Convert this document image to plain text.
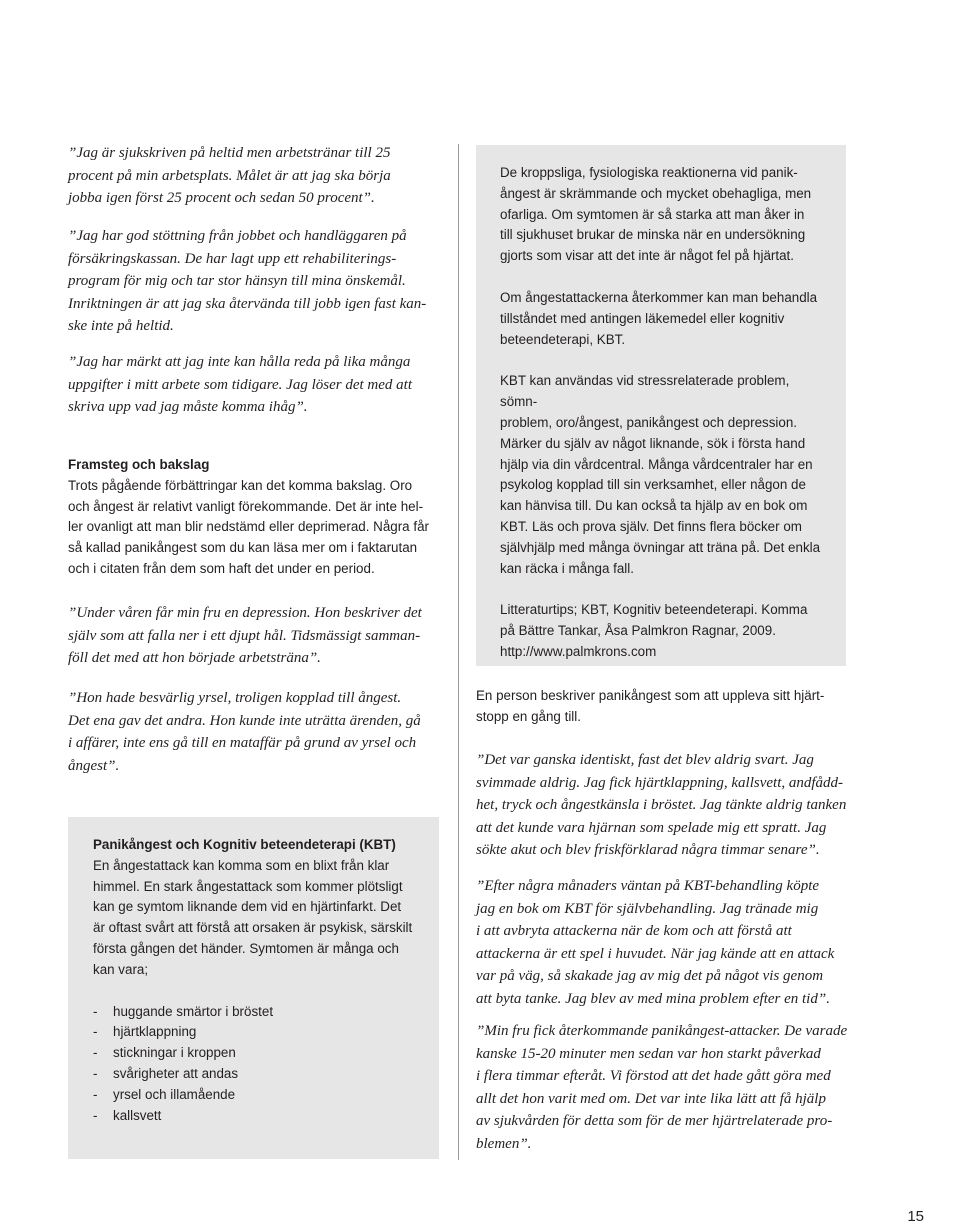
”Jag är sjukskriven på heltid men arbetstränar till 25

procent på min arbetsplats. Målet är att jag ska börja

jobba igen först 25 procent och sedan 50 procent”.

”Jag har god stöttning från jobbet och handläggaren på

försäkringskassan. De har lagt upp ett rehabiliterings-

program för mig och tar stor hänsyn till mina önskemål.

Inriktningen är att jag ska återvända till jobb igen fast kan-

ske inte på heltid.

”Jag har märkt att jag inte kan hålla reda på lika många

uppgifter i mitt arbete som tidigare. Jag löser det med att

skriva upp vad jag måste komma ihåg”.

Framsteg och bakslag

Trots pågående förbättringar kan det komma bakslag. Oro

och ångest är relativt vanligt förekommande. Det är inte hel-

ler ovanligt att man blir nedstämd eller deprimerad. Några får

så kallad panikångest som du kan läsa mer om i faktarutan

och i citaten från dem som haft det under en period.

”Under våren får min fru en depression. Hon beskriver det

själv som att falla ner i ett djupt hål. Tidsmässigt samman-

föll det med att hon började arbetsträna”.

”Hon hade besvärlig yrsel, troligen kopplad till ångest.

Det ena gav det andra. Hon kunde inte uträtta ärenden, gå

i affärer, inte ens gå till en mataffär på grund av yrsel och

ångest”.

Panikångest och Kognitiv beteendeterapi (KBT)

En ångestattack kan komma som en blixt från klar

himmel. En stark ångestattack som kommer plötsligt

kan ge symtom liknande dem vid en hjärtinfarkt. Det

är oftast svårt att förstå att orsaken är psykisk, särskilt

första gången det händer. Symtomen är många och

kan vara;

-	huggande smärtor i bröstet
-	hjärtklappning
-	stickningar i kroppen
-	svårigheter att andas
-	yrsel och illamående
-	kallsvett

De kroppsliga, fysiologiska reaktionerna vid panik-

ångest är skrämmande och mycket obehagliga, men

ofarliga. Om symtomen är så starka att man åker in

till sjukhuset brukar de minska när en undersökning

gjorts som visar att det inte är något fel på hjärtat.

Om ångestattackerna återkommer kan man behandla

tillståndet med antingen läkemedel eller kognitiv

beteendeterapi, KBT.

KBT kan användas vid stressrelaterade problem, sömn-

problem, oro/ångest, panikångest och depression.

Märker du själv av något liknande, sök i första hand

hjälp via din vårdcentral. Många vårdcentraler har en

psykolog kopplad till sin verksamhet, eller någon de

kan hänvisa till. Du kan också ta hjälp av en bok om

KBT. Läs och prova själv. Det finns flera böcker om

självhjälp med många övningar att träna på. Det enkla

kan räcka i många fall.

Litteraturtips; KBT, Kognitiv beteendeterapi. Komma

på Bättre Tankar, Åsa Palmkron Ragnar, 2009.

http://www.palmkrons.com

En person beskriver panikångest som att uppleva sitt hjärt-

stopp en gång till.

”Det var ganska identiskt, fast det blev aldrig svart. Jag

svimmade aldrig. Jag fick hjärtklappning, kallsvett, andfådd-

het, tryck och ångestkänsla i bröstet. Jag tänkte aldrig tanken

att det kunde vara hjärnan som spelade mig ett spratt. Jag

sökte akut och blev friskförklarad några timmar senare”.

”Efter några månaders väntan på KBT-behandling köpte

jag en bok om KBT för självbehandling. Jag tränade mig

i att avbryta attackerna när de kom och att förstå att

attackerna är ett spel i huvudet. När jag kände att en attack

var på väg, så skakade jag av mig det på något vis genom

att byta tanke. Jag blev av med mina problem efter en tid”.

”Min fru fick återkommande panikångest-attacker. De varade

kanske 15-20 minuter men sedan var hon starkt påverkad

i flera timmar efteråt. Vi förstod att det hade gått göra med

allt det hon varit med om. Det var inte lika lätt att få hjälp

av sjukvården för detta som för de mer hjärtrelaterade pro-

blemen”.

15
